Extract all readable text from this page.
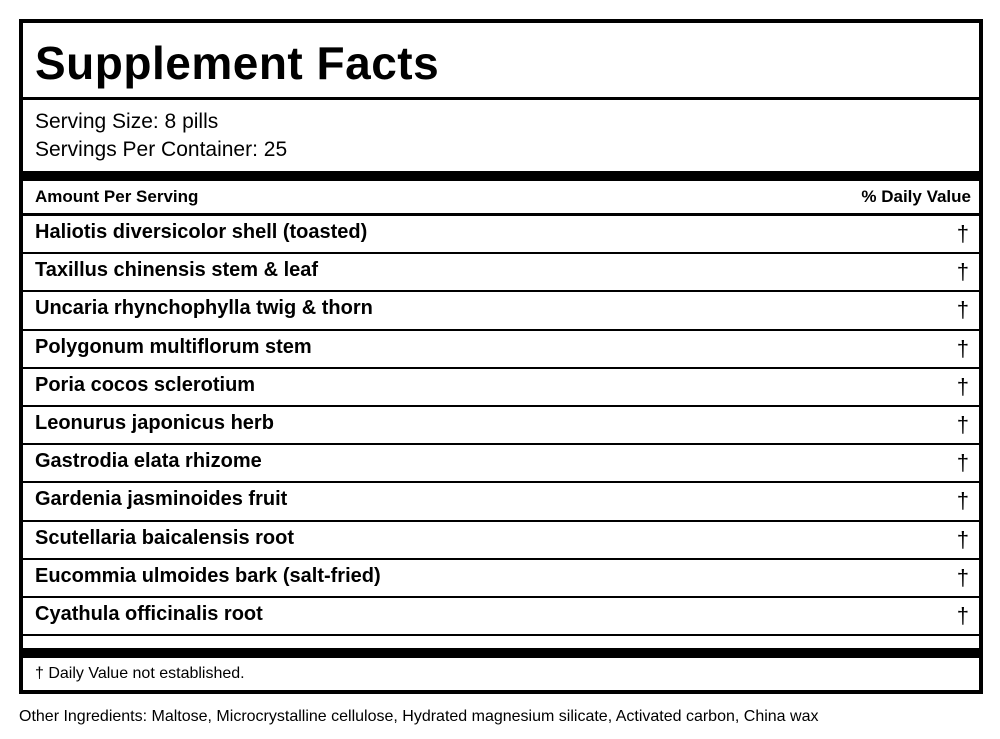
Supplement Facts
Serving Size: 8 pills
Servings Per Container: 25
Amount Per Serving	% Daily Value
Haliotis diversicolor shell (toasted)	†
Taxillus chinensis stem & leaf	†
Uncaria rhynchophylla twig & thorn	†
Polygonum multiflorum stem	†
Poria cocos sclerotium	†
Leonurus japonicus herb	†
Gastrodia elata rhizome	†
Gardenia jasminoides fruit	†
Scutellaria baicalensis root	†
Eucommia ulmoides bark (salt-fried)	†
Cyathula officinalis root	†
† Daily Value not established.
Other Ingredients: Maltose, Microcrystalline cellulose, Hydrated magnesium silicate, Activated carbon, China wax
